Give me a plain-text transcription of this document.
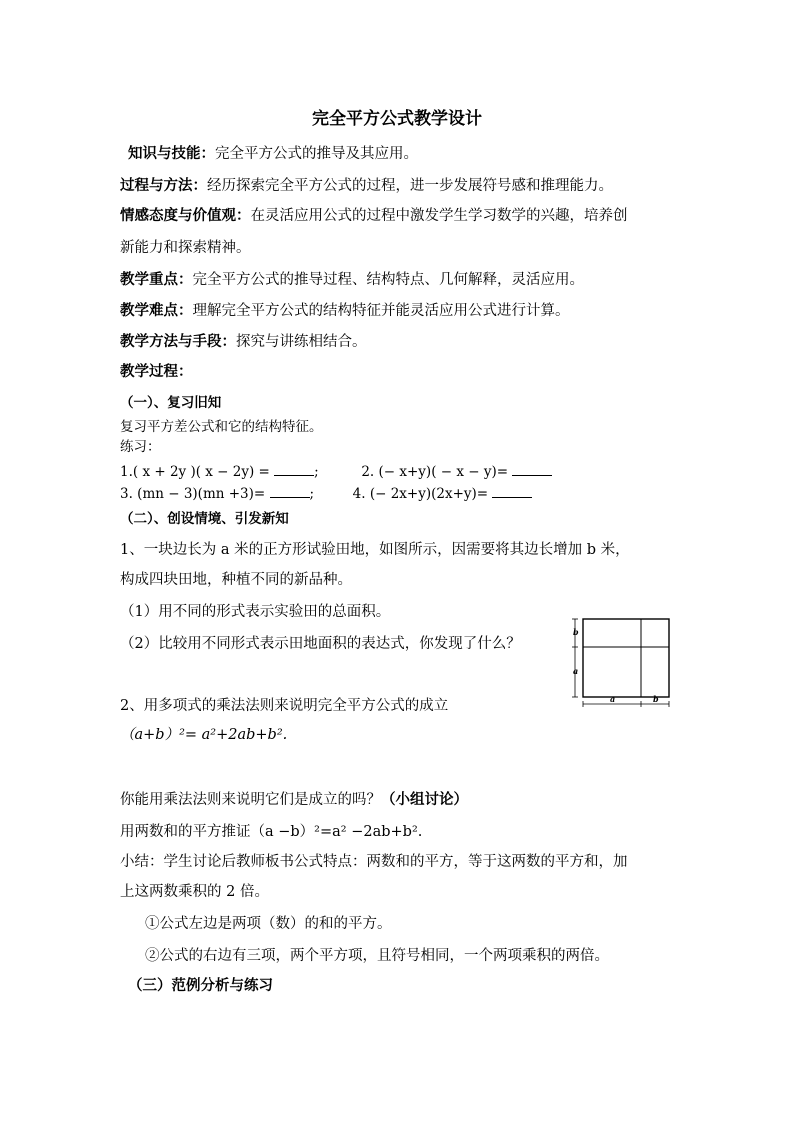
完全平方公式教学设计
知识与技能：完全平方公式的推导及其应用。
过程与方法：经历探索完全平方公式的过程，进一步发展符号感和推理能力。
情感态度与价值观：在灵活应用公式的过程中激发学生学习数学的兴趣，培养创
新能力和探索精神。
教学重点：完全平方公式的推导过程、结构特点、几何解释，灵活应用。
教学难点：理解完全平方公式的结构特征并能灵活应用公式进行计算。
教学方法与手段：探究与讲练相结合。
教学过程：
（一）、复习旧知
复习平方差公式和它的结构特征。
练习：
1.( x + 2y )( x − 2y) =	;	2. (− x+y)( − x − y)=
3. (mn − 3)(mn +3)=	;	4. (− 2x+y)(2x+y)=
（二）、创设情境、引发新知
1、一块边长为 a 米的正方形试验田地，如图所示，因需要将其边长增加 b 米，
构成四块田地，种植不同的新品种。
（1）用不同的形式表示实验田的总面积。
（2）比较用不同形式表示田地面积的表达式，你发现了什么？
2、用多项式的乘法法则来说明完全平方公式的成立
（a+b）²= a²+2ab+b².
你能用乘法法则来说明它们是成立的吗？（小组讨论）
用两数和的平方推证（a −b）²=a² −2ab+b².
小结：学生讨论后教师板书公式特点：两数和的平方，等于这两数的平方和，加
上这两数乘积的 2 倍。
①公式左边是两项（数）的和的平方。
②公式的右边有三项，两个平方项，且符号相同，一个两项乘积的两倍。
（三）范例分析与练习
b
a
a	b
